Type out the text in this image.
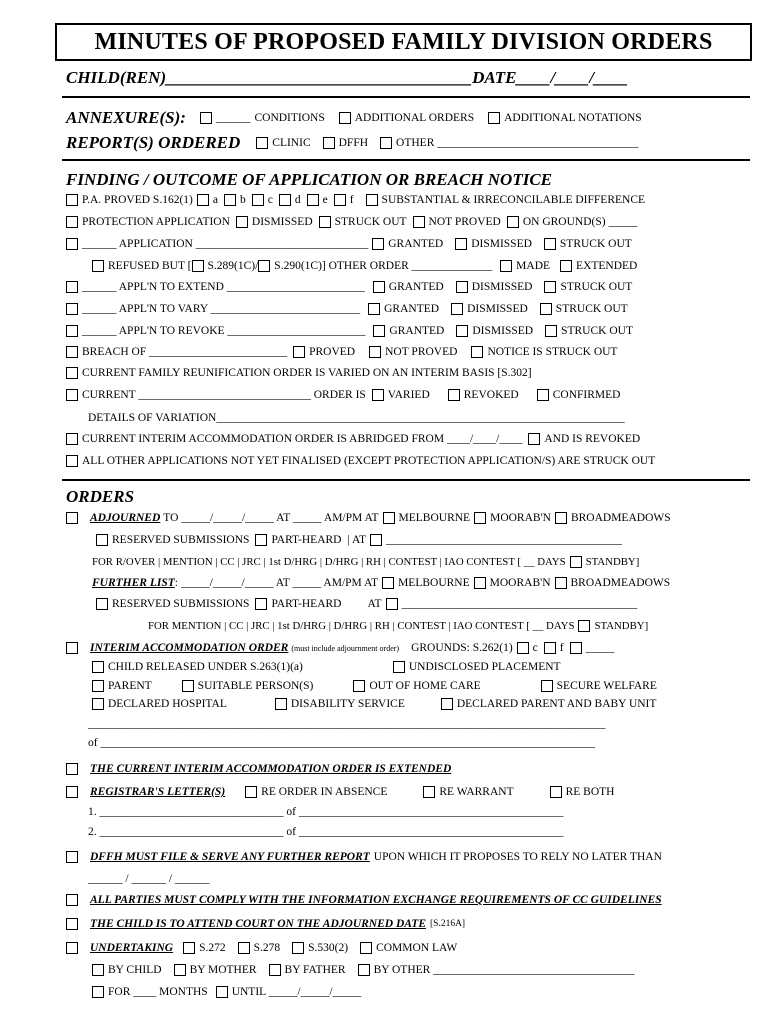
MINUTES OF PROPOSED FAMILY DIVISION ORDERS
CHILD(REN)____________________________________ DATE____/____/____
ANNEXURE(S):	______ CONDITIONS	ADDITIONAL ORDERS	ADDITIONAL NOTATIONS
REPORT(S) ORDERED	CLINIC DFFH OTHER ___________________________________
FINDING / OUTCOME OF APPLICATION OR BREACH NOTICE
P.A. PROVED S.162(1) a b c d e f SUBSTANTIAL & IRRECONCILABLE DIFFERENCE
PROTECTION APPLICATION DISMISSED STRUCK OUT NOT PROVED ON GROUND(S) _____
______ APPLICATION ______________________________ GRANTED DISMISSED STRUCK OUT
REFUSED BUT [ S.289(1C)/ S.290(1C)] OTHER ORDER ______________ MADE EXTENDED
______ APPL'N TO EXTEND ________________________ GRANTED DISMISSED STRUCK OUT
______ APPL'N TO VARY __________________________ GRANTED DISMISSED STRUCK OUT
______ APPL'N TO REVOKE ________________________ GRANTED DISMISSED STRUCK OUT
BREACH OF ________________________ PROVED	NOT PROVED	NOTICE IS STRUCK OUT
CURRENT FAMILY REUNIFICATION ORDER IS VARIED ON AN INTERIM BASIS [S.302]
CURRENT ______________________________ ORDER IS VARIED	REVOKED	CONFIRMED
DETAILS OF VARIATION_______________________________________________________________________
CURRENT INTERIM ACCOMMODATION ORDER IS ABRIDGED FROM ____/____/____ AND IS REVOKED
ALL OTHER APPLICATIONS NOT YET FINALISED (EXCEPT PROTECTION APPLICATION/S) ARE STRUCK OUT
ORDERS
ADJOURNED TO _____/_____/_____ AT _____ AM/PM AT MELBOURNE MOORAB'N BROADMEADOWS
RESERVED SUBMISSIONS PART-HEARD | AT _________________________________________
FOR R/OVER | MENTION | CC | JRC | 1st D/HRG | D/HRG | RH | CONTEST | IAO CONTEST [ __ DAYS STANDBY]
FURTHER LIST : _____/_____/_____ AT _____ AM/PM AT MELBOURNE MOORAB'N BROADMEADOWS
RESERVED SUBMISSIONS PART-HEARD AT _________________________________________
FOR MENTION | CC | JRC | 1st D/HRG | D/HRG | RH | CONTEST | IAO CONTEST [ __ DAYS STANDBY]
INTERIM ACCOMMODATION ORDER (must include adjournment order) GROUNDS: S.262(1) c f _____
CHILD RELEASED UNDER S.263(1)(a)	UNDISCLOSED PLACEMENT
PARENT	SUITABLE PERSON(S)	OUT OF HOME CARE	SECURE WELFARE
DECLARED HOSPITAL	DISABILITY SERVICE	DECLARED PARENT AND BABY UNIT
__________________________________________________________________________________________
of ______________________________________________________________________________________
THE CURRENT INTERIM ACCOMMODATION ORDER IS EXTENDED
REGISTRAR'S LETTER(S)	RE ORDER IN ABSENCE	RE WARRANT	RE BOTH
1. ________________________________ of ______________________________________________
2. ________________________________ of ______________________________________________
DFFH MUST FILE & SERVE ANY FURTHER REPORT UPON WHICH IT PROPOSES TO RELY NO LATER THAN
______ / ______ / ______
ALL PARTIES MUST COMPLY WITH THE INFORMATION EXCHANGE REQUIREMENTS OF CC GUIDELINES
THE CHILD IS TO ATTEND COURT ON THE ADJOURNED DATE [S.216A]
UNDERTAKING S.272 S.278 S.530(2) COMMON LAW
BY CHILD BY MOTHER BY FATHER BY OTHER ___________________________________
FOR ____ MONTHS UNTIL _____/_____/_____
